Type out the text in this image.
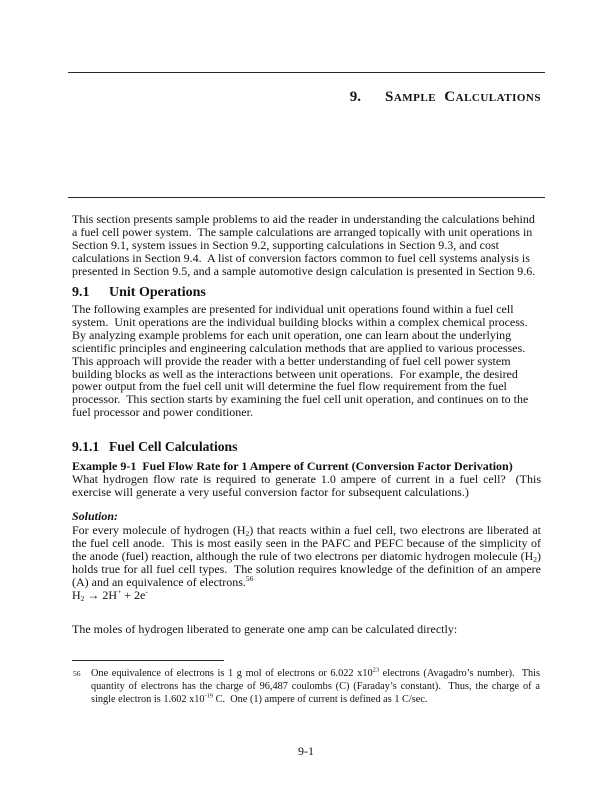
9. Sample Calculations

This section presents sample problems to aid the reader in understanding the calculations behind a fuel cell power system.  The sample calculations are arranged topically with unit operations in Section 9.1, system issues in Section 9.2, supporting calculations in Section 9.3, and cost calculations in Section 9.4.  A list of conversion factors common to fuel cell systems analysis is presented in Section 9.5, and a sample automotive design calculation is presented in Section 9.6.

9.1 Unit Operations

The following examples are presented for individual unit operations found within a fuel cell system.  Unit operations are the individual building blocks within a complex chemical process.  By analyzing example problems for each unit operation, one can learn about the underlying scientific principles and engineering calculation methods that are applied to various processes.  This approach will provide the reader with a better understanding of fuel cell power system building blocks as well as the interactions between unit operations.  For example, the desired power output from the fuel cell unit will determine the fuel flow requirement from the fuel processor.  This section starts by examining the fuel cell unit operation, and continues on to the fuel processor and power conditioner.

9.1.1 Fuel Cell Calculations

Example 9-1  Fuel Flow Rate for 1 Ampere of Current (Conversion Factor Derivation)

What hydrogen flow rate is required to generate 1.0 ampere of current in a fuel cell?  (This exercise will generate a very useful conversion factor for subsequent calculations.)

Solution:

For every molecule of hydrogen $(H_2)$ that reacts within a fuel cell, two electrons are liberated at the fuel cell anode.  This is most easily seen in the PAFC and PEFC because of the simplicity of the anode (fuel) reaction, although the rule of two electrons per diatomic hydrogen molecule $(H_2)$ holds true for all fuel cell types.  The solution requires knowledge of the definition of an ampere (A) and an equivalence of electrons.$^{56}$

$H_2 \to 2H^+ + 2e^-$

The moles of hydrogen liberated to generate one amp can be calculated directly:

56 One equivalence of electrons is 1 g mol of electrons or 6.022 $x10^{23}$ electrons (Avagadro’s number).  This quantity of electrons has the charge of 96,487 coulombs (C) (Faraday’s constant).  Thus, the charge of a single electron is 1.602 $x10^{-19}$ C.  One (1) ampere of current is defined as 1 C/sec.

9-1
